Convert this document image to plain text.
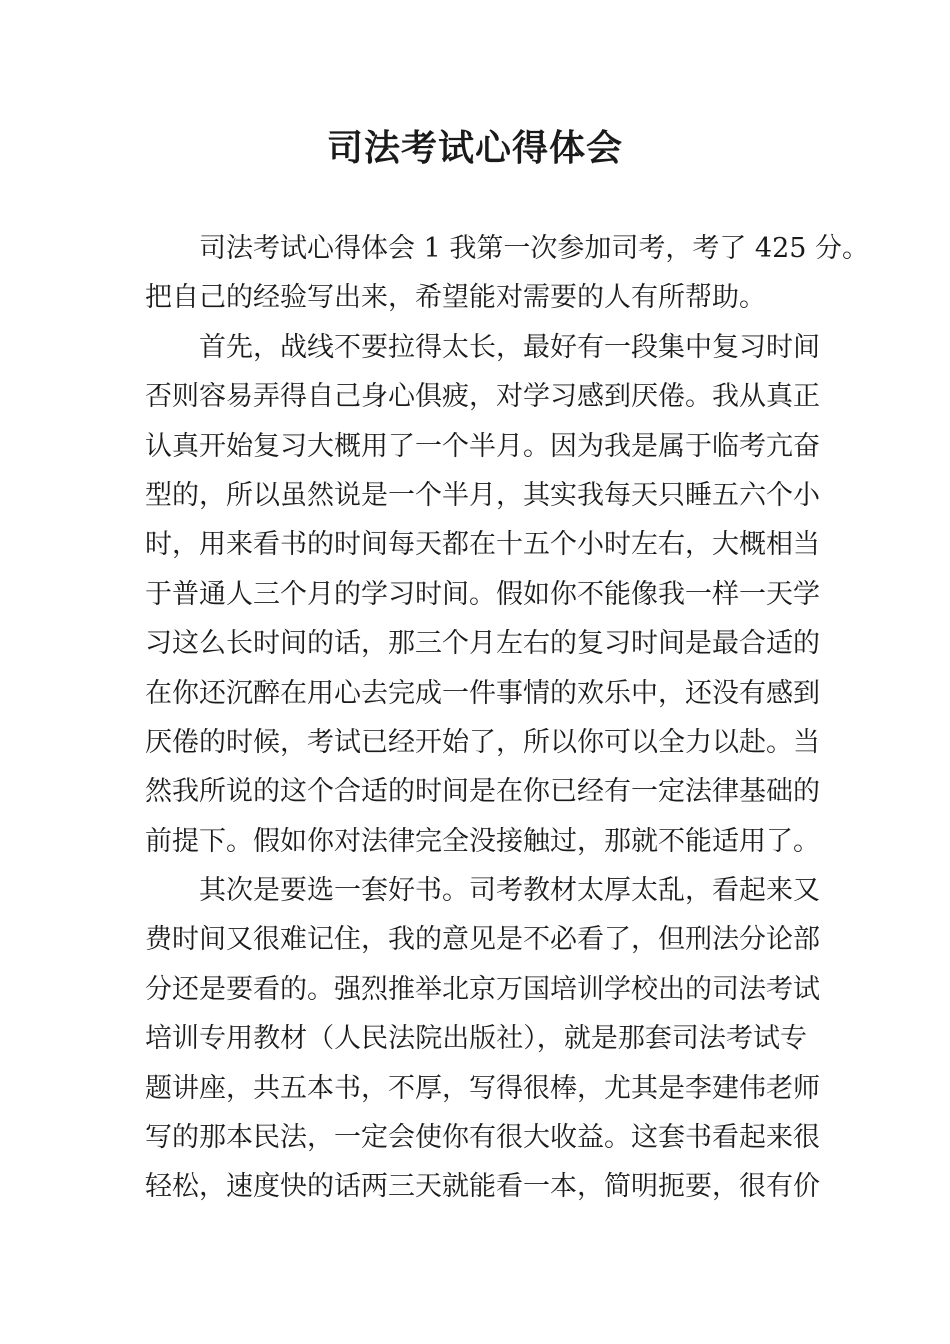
司法考试心得体会
司法考试心得体会 1 我第一次参加司考，考了 425 分。
把自己的经验写出来，希望能对需要的人有所帮助。
首先，战线不要拉得太长，最好有一段集中复习时间
否则容易弄得自己身心俱疲，对学习感到厌倦。我从真正
认真开始复习大概用了一个半月。因为我是属于临考亢奋
型的，所以虽然说是一个半月，其实我每天只睡五六个小
时，用来看书的时间每天都在十五个小时左右，大概相当
于普通人三个月的学习时间。假如你不能像我一样一天学
习这么长时间的话，那三个月左右的复习时间是最合适的
在你还沉醉在用心去完成一件事情的欢乐中，还没有感到
厌倦的时候，考试已经开始了，所以你可以全力以赴。当
然我所说的这个合适的时间是在你已经有一定法律基础的
前提下。假如你对法律完全没接触过，那就不能适用了。
其次是要选一套好书。司考教材太厚太乱，看起来又
费时间又很难记住，我的意见是不必看了，但刑法分论部
分还是要看的。强烈推举北京万国培训学校出的司法考试
培训专用教材（人民法院出版社），就是那套司法考试专
题讲座，共五本书，不厚，写得很棒，尤其是李建伟老师
写的那本民法，一定会使你有很大收益。这套书看起来很
轻松，速度快的话两三天就能看一本，简明扼要，很有价
